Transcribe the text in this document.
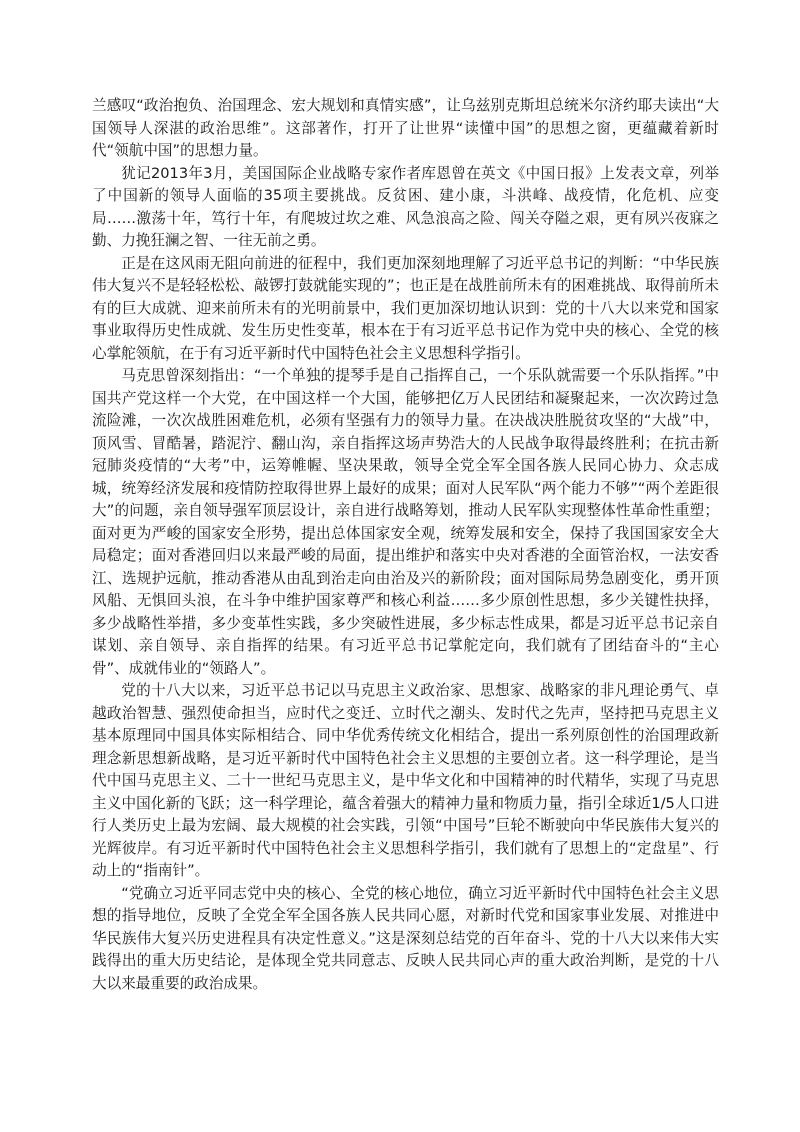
兰感叹“政治抱负、治国理念、宏大规划和真情实感”，让乌兹别克斯坦总统米尔济约耶夫读出“大国领导人深湛的政治思维”。这部著作，打开了让世界“读懂中国”的思想之窗，更蕴藏着新时代“领航中国”的思想力量。

犹记2013年3月，美国国际企业战略专家作者库恩曾在英文《中国日报》上发表文章，列举了中国新的领导人面临的35项主要挑战。反贫困、建小康，斗洪峰、战疫情，化危机、应变局……激荡十年，笃行十年，有爬坡过坎之难、风急浪高之险、闯关夺隘之艰，更有夙兴夜寐之勤、力挽狂澜之智、一往无前之勇。

正是在这风雨无阻向前进的征程中，我们更加深刻地理解了习近平总书记的判断：“中华民族伟大复兴不是轻轻松松、敲锣打鼓就能实现的”；也正是在战胜前所未有的困难挑战、取得前所未有的巨大成就、迎来前所未有的光明前景中，我们更加深切地认识到：党的十八大以来党和国家事业取得历史性成就、发生历史性变革，根本在于有习近平总书记作为党中央的核心、全党的核心掌舵领航，在于有习近平新时代中国特色社会主义思想科学指引。

马克思曾深刻指出：“一个单独的提琴手是自己指挥自己，一个乐队就需要一个乐队指挥。”中国共产党这样一个大党，在中国这样一个大国，能够把亿万人民团结和凝聚起来，一次次跨过急流险滩，一次次战胜困难危机，必须有坚强有力的领导力量。在决战决胜脱贫攻坚的“大战”中，顶风雪、冒酷暑，踏泥泞、翻山沟，亲自指挥这场声势浩大的人民战争取得最终胜利；在抗击新冠肺炎疫情的“大考”中，运筹帷幄、坚决果敢，领导全党全军全国各族人民同心协力、众志成城，统筹经济发展和疫情防控取得世界上最好的成果；面对人民军队“两个能力不够”“两个差距很大”的问题，亲自领导强军顶层设计，亲自进行战略筹划，推动人民军队实现整体性革命性重塑；面对更为严峻的国家安全形势，提出总体国家安全观，统筹发展和安全，保持了我国国家安全大局稳定；面对香港回归以来最严峻的局面，提出维护和落实中央对香港的全面管治权，一法安香江、选规护远航，推动香港从由乱到治走向由治及兴的新阶段；面对国际局势急剧变化，勇开顶风船、无惧回头浪，在斗争中维护国家尊严和核心利益……多少原创性思想，多少关键性抉择，多少战略性举措，多少变革性实践，多少突破性进展，多少标志性成果，都是习近平总书记亲自谋划、亲自领导、亲自指挥的结果。有习近平总书记掌舵定向，我们就有了团结奋斗的“主心骨”、成就伟业的“领路人”。

党的十八大以来，习近平总书记以马克思主义政治家、思想家、战略家的非凡理论勇气、卓越政治智慧、强烈使命担当，应时代之变迁、立时代之潮头、发时代之先声，坚持把马克思主义基本原理同中国具体实际相结合、同中华优秀传统文化相结合，提出一系列原创性的治国理政新理念新思想新战略，是习近平新时代中国特色社会主义思想的主要创立者。这一科学理论，是当代中国马克思主义、二十一世纪马克思主义，是中华文化和中国精神的时代精华，实现了马克思主义中国化新的飞跃；这一科学理论，蕴含着强大的精神力量和物质力量，指引全球近1/5人口进行人类历史上最为宏阔、最大规模的社会实践，引领“中国号”巨轮不断驶向中华民族伟大复兴的光辉彼岸。有习近平新时代中国特色社会主义思想科学指引，我们就有了思想上的“定盘星”、行动上的“指南针”。

“党确立习近平同志党中央的核心、全党的核心地位，确立习近平新时代中国特色社会主义思想的指导地位，反映了全党全军全国各族人民共同心愿，对新时代党和国家事业发展、对推进中华民族伟大复兴历史进程具有决定性意义。”这是深刻总结党的百年奋斗、党的十八大以来伟大实践得出的重大历史结论，是体现全党共同意志、反映人民共同心声的重大政治判断，是党的十八大以来最重要的政治成果。
